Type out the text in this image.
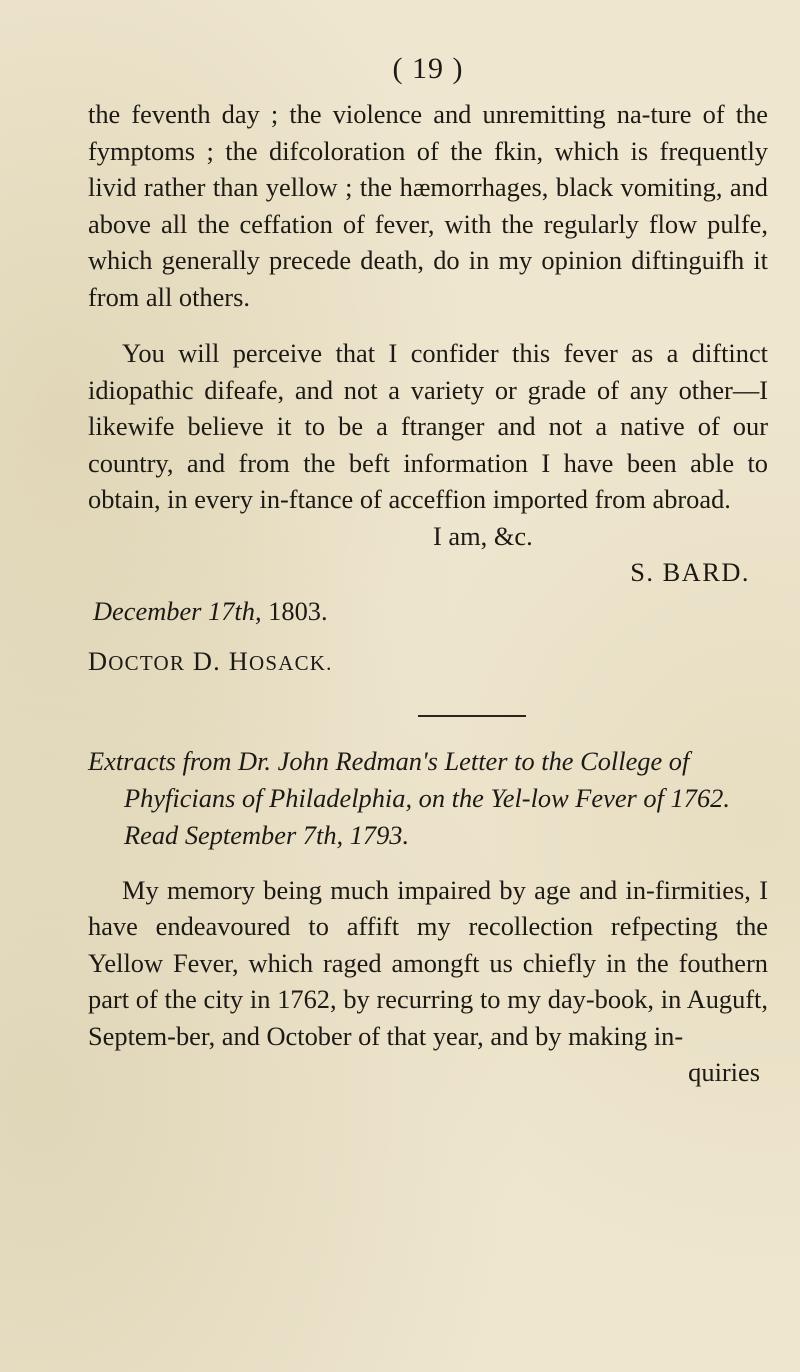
( 19 )

the feventh day ; the violence and unremitting na-ture of the fymptoms ; the difcoloration of the fkin, which is frequently livid rather than yellow ; the hæmorrhages, black vomiting, and above all the ceffation of fever, with the regularly flow pulfe, which generally precede death, do in my opinion diftinguifh it from all others.

You will perceive that I confider this fever as a diftinct idiopathic difeafe, and not a variety or grade of any other—I likewife believe it to be a ftranger and not a native of our country, and from the beft information I have been able to obtain, in every in-ftance of acceffion imported from abroad.

I am, &c.
S. BARD.
December 17th, 1803.
DOCTOR D. HOSACK.

Extracts from Dr. John Redman's Letter to the College of Phyficians of Philadelphia, on the Yel-low Fever of 1762. Read September 7th, 1793.

My memory being much impaired by age and in-firmities, I have endeavoured to affift my recollection refpecting the Yellow Fever, which raged amongft us chiefly in the fouthern part of the city in 1762, by recurring to my day-book, in Auguft, Septem-ber, and October of that year, and by making in-

quiries
